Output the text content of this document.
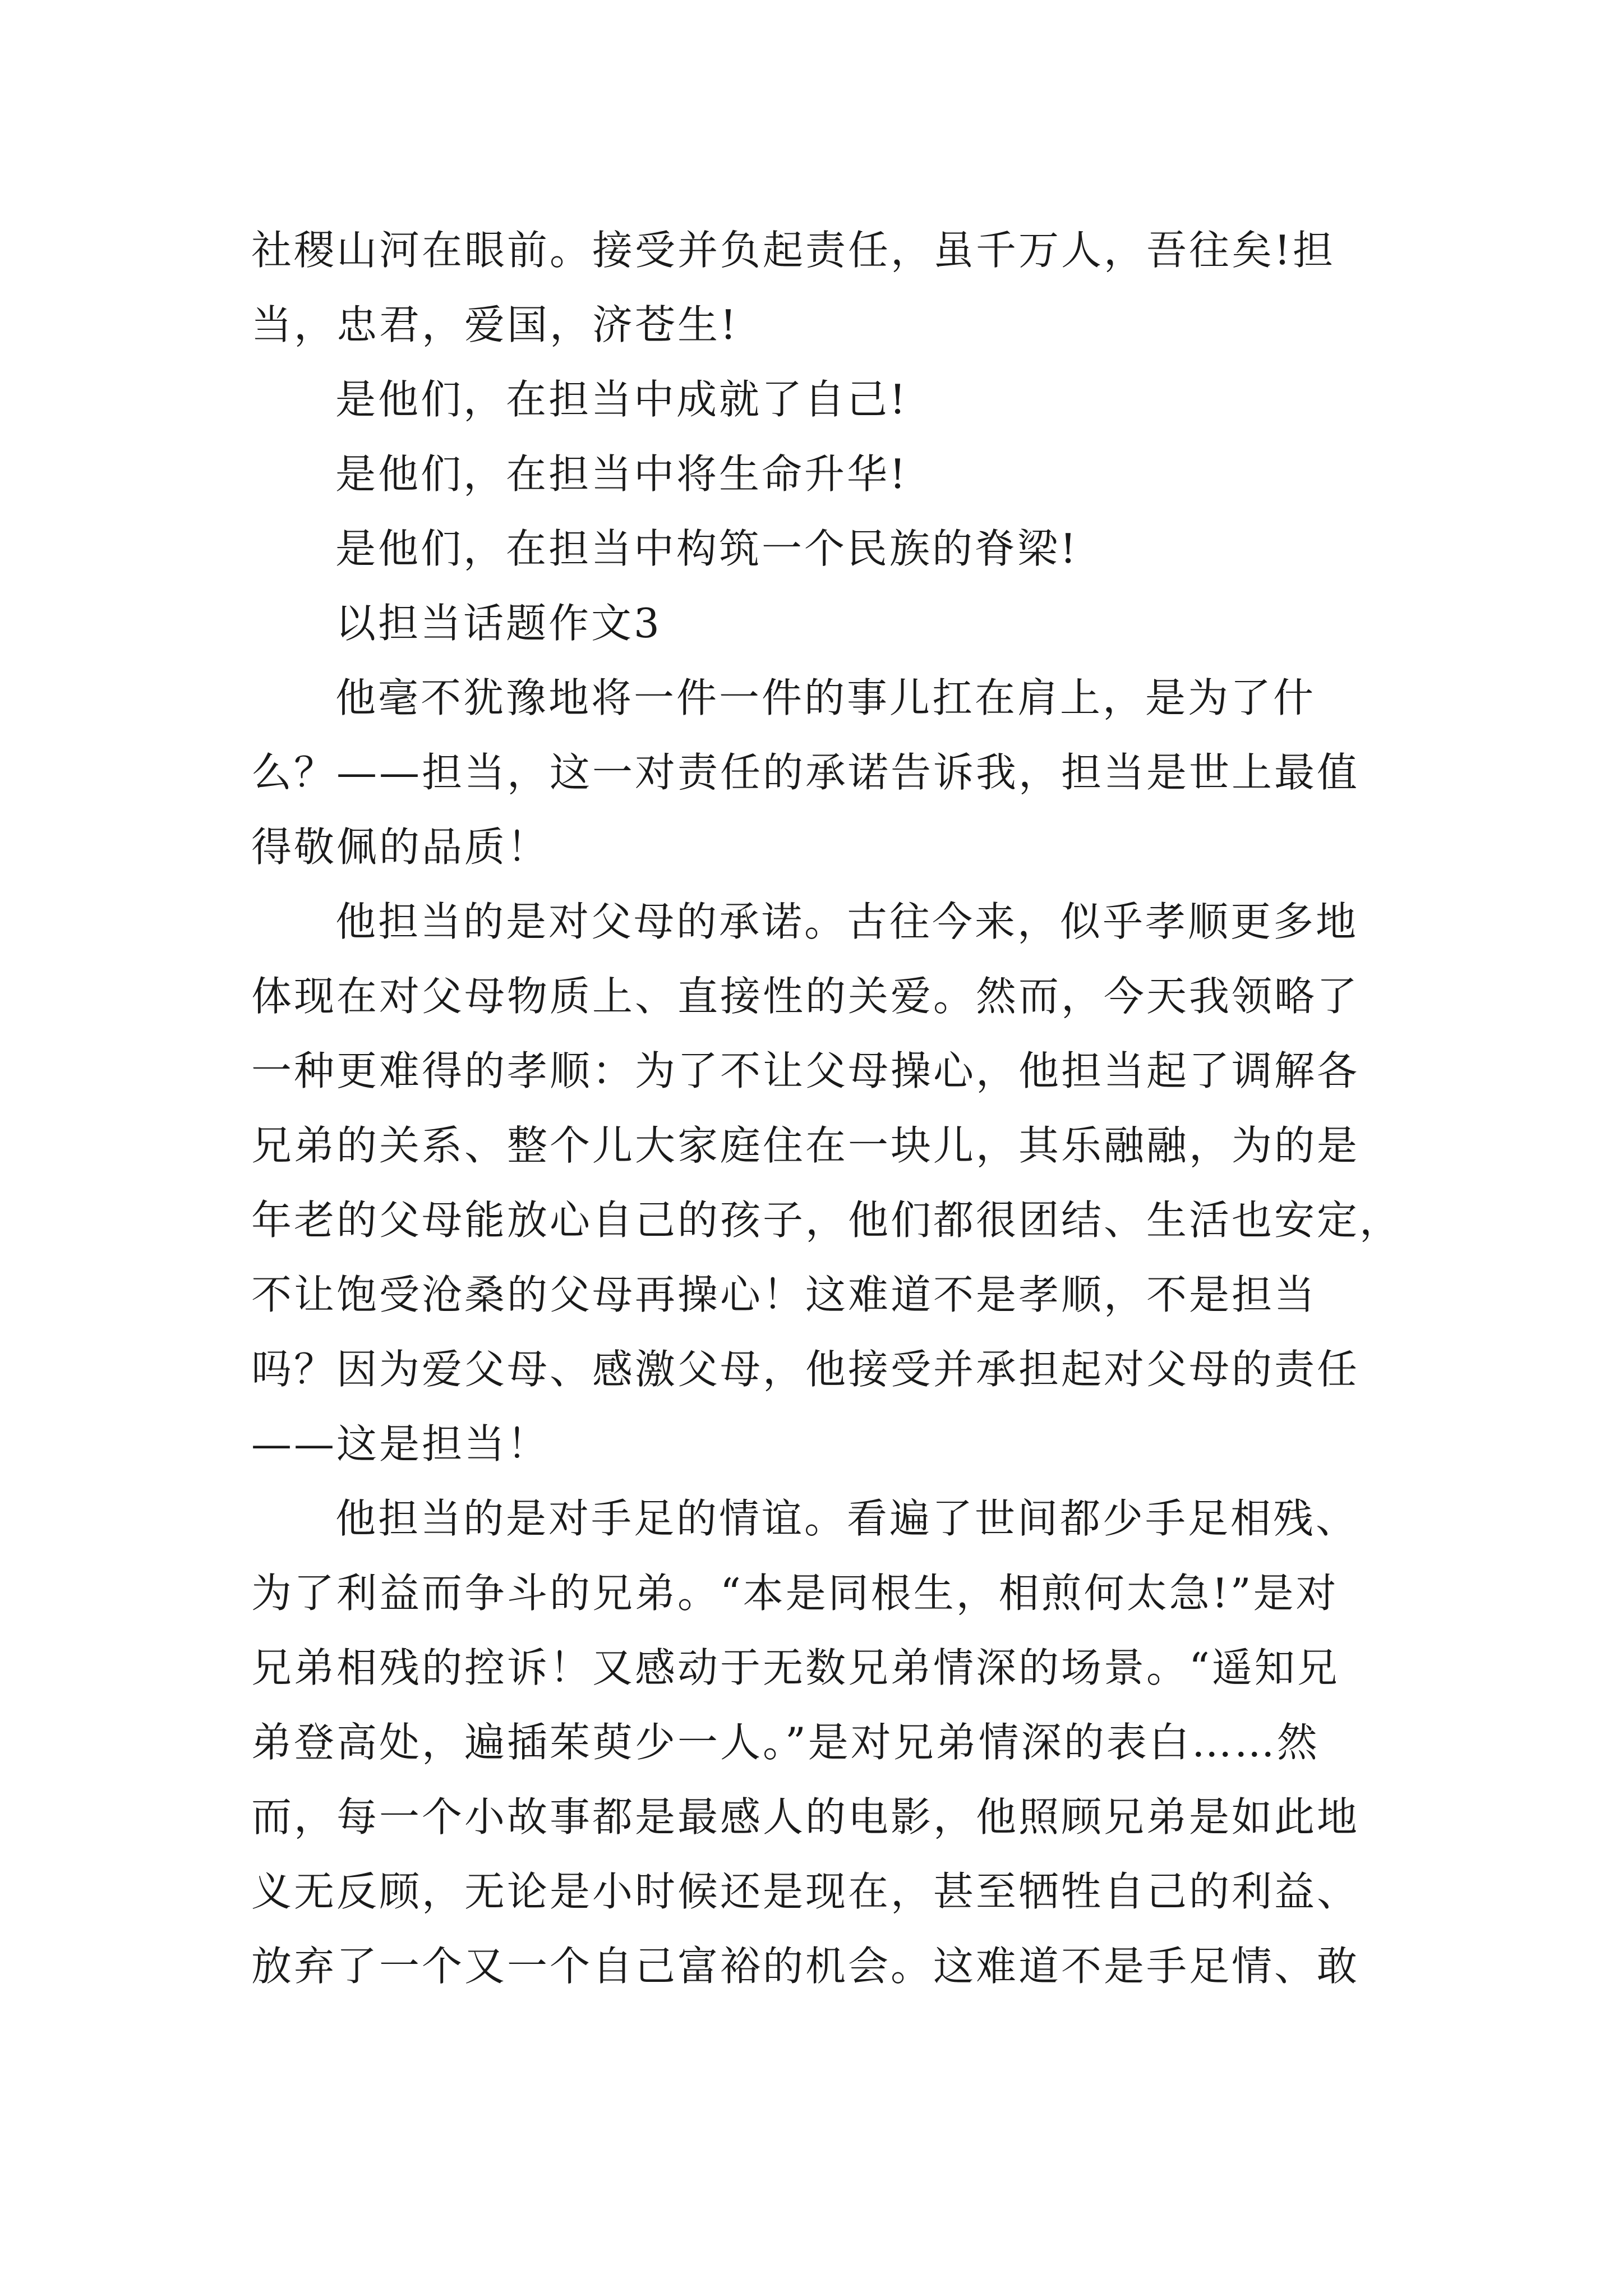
社稷山河在眼前。接受并负起责任，虽千万人，吾往矣!担
当，忠君，爱国，济苍生!
是他们，在担当中成就了自己!
是他们，在担当中将生命升华!
是他们，在担当中构筑一个民族的脊梁!
以担当话题作文3
他毫不犹豫地将一件一件的事儿扛在肩上，是为了什
么？——担当，这一对责任的承诺告诉我，担当是世上最值
得敬佩的品质！
他担当的是对父母的承诺。古往今来，似乎孝顺更多地
体现在对父母物质上、直接性的关爱。然而，今天我领略了
一种更难得的孝顺：为了不让父母操心，他担当起了调解各
兄弟的关系、整个儿大家庭住在一块儿，其乐融融，为的是
年老的父母能放心自己的孩子，他们都很团结、生活也安定，
不让饱受沧桑的父母再操心！这难道不是孝顺，不是担当
吗？因为爱父母、感激父母，他接受并承担起对父母的责任
——这是担当！
他担当的是对手足的情谊。看遍了世间都少手足相残、
为了利益而争斗的兄弟。“本是同根生，相煎何太急!”是对
兄弟相残的控诉！又感动于无数兄弟情深的场景。“遥知兄
弟登高处，遍插茱萸少一人。”是对兄弟情深的表白……然
而，每一个小故事都是最感人的电影，他照顾兄弟是如此地
义无反顾，无论是小时候还是现在，甚至牺牲自己的利益、
放弃了一个又一个自己富裕的机会。这难道不是手足情、敢
